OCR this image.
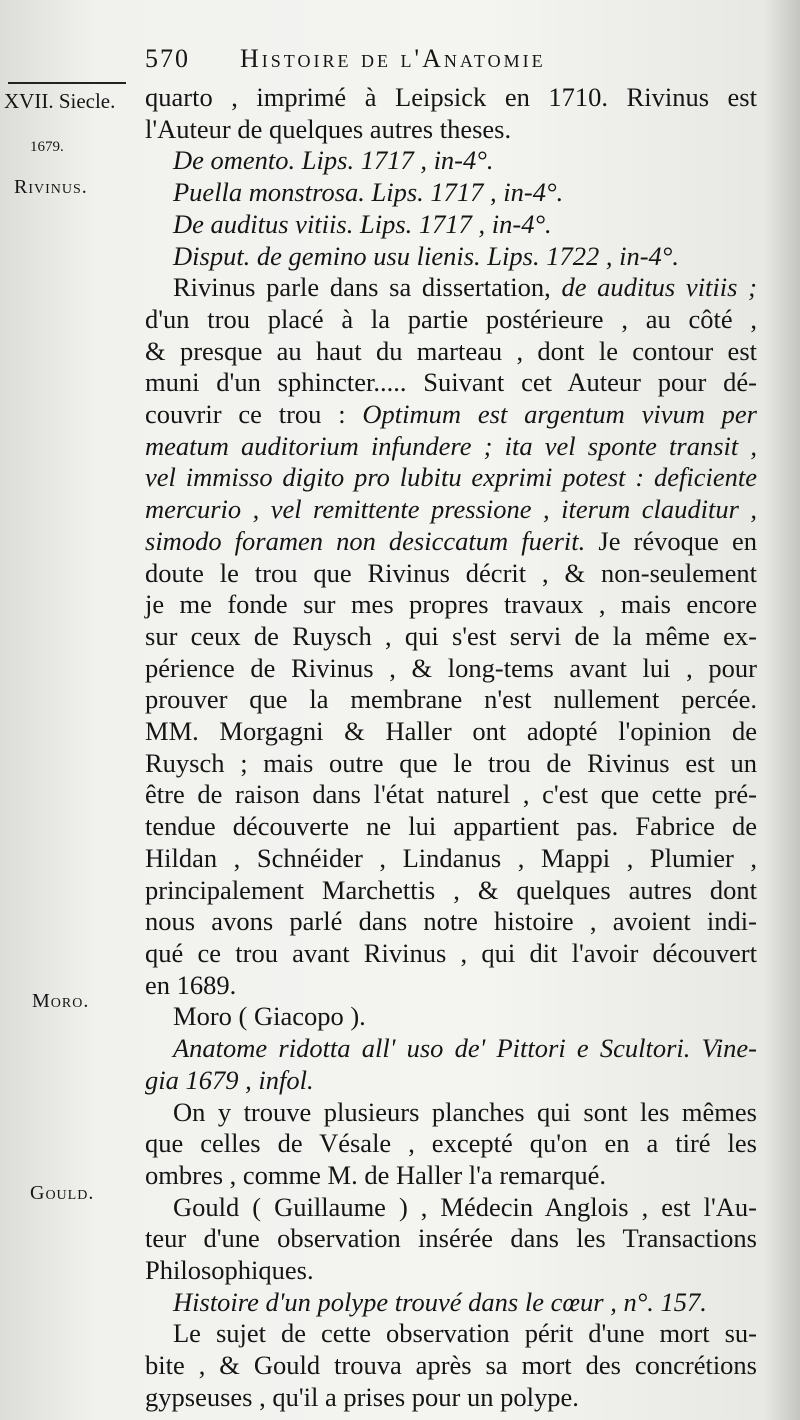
570 Histoire de l'Anatomie
XVII. Siecle.
1679.
Rivinus.
Moro.
Gould.

quarto , imprimé à Leipsick en 1710. Rivinus est

l'Auteur de quelques autres theses.

De omento. Lips. 1717 , in-4°.

Puella monstrosa. Lips. 1717 , in-4°.

De auditus vitiis. Lips. 1717 , in-4°.

Disput. de gemino usu lienis. Lips. 1722 , in-4°.

Rivinus parle dans sa dissertation, de auditus vitiis ;

d'un trou placé à la partie postérieure , au côté ,

& presque au haut du marteau , dont le contour est

muni d'un sphincter..... Suivant cet Auteur pour dé-

couvrir ce trou : Optimum est argentum vivum per

meatum auditorium infundere ; ita vel sponte transit ,

vel immisso digito pro lubitu exprimi potest : deficiente

mercurio , vel remittente pressione , iterum clauditur ,

simodo foramen non desiccatum fuerit. Je révoque en

doute le trou que Rivinus décrit , & non-seulement

je me fonde sur mes propres travaux , mais encore

sur ceux de Ruysch , qui s'est servi de la même ex-

périence de Rivinus , & long-tems avant lui , pour

prouver que la membrane n'est nullement percée.

MM. Morgagni & Haller ont adopté l'opinion de

Ruysch ; mais outre que le trou de Rivinus est un

être de raison dans l'état naturel , c'est que cette pré-

tendue découverte ne lui appartient pas. Fabrice de

Hildan , Schnéider , Lindanus , Mappi , Plumier ,

principalement Marchettis , & quelques autres dont

nous avons parlé dans notre histoire , avoient indi-

qué ce trou avant Rivinus , qui dit l'avoir découvert

en 1689.

Moro ( Giacopo ).

Anatome ridotta all' uso de' Pittori e Scultori. Vine-

gia 1679 , infol.

On y trouve plusieurs planches qui sont les mêmes

que celles de Vésale , excepté qu'on en a tiré les

ombres , comme M. de Haller l'a remarqué.

Gould ( Guillaume ) , Médecin Anglois , est l'Au-

teur d'une observation insérée dans les Transactions

Philosophiques.

Histoire d'un polype trouvé dans le cœur , n°. 157.

Le sujet de cette observation périt d'une mort su-

bite , & Gould trouva après sa mort des concrétions

gypseuses , qu'il a prises pour un polype.
